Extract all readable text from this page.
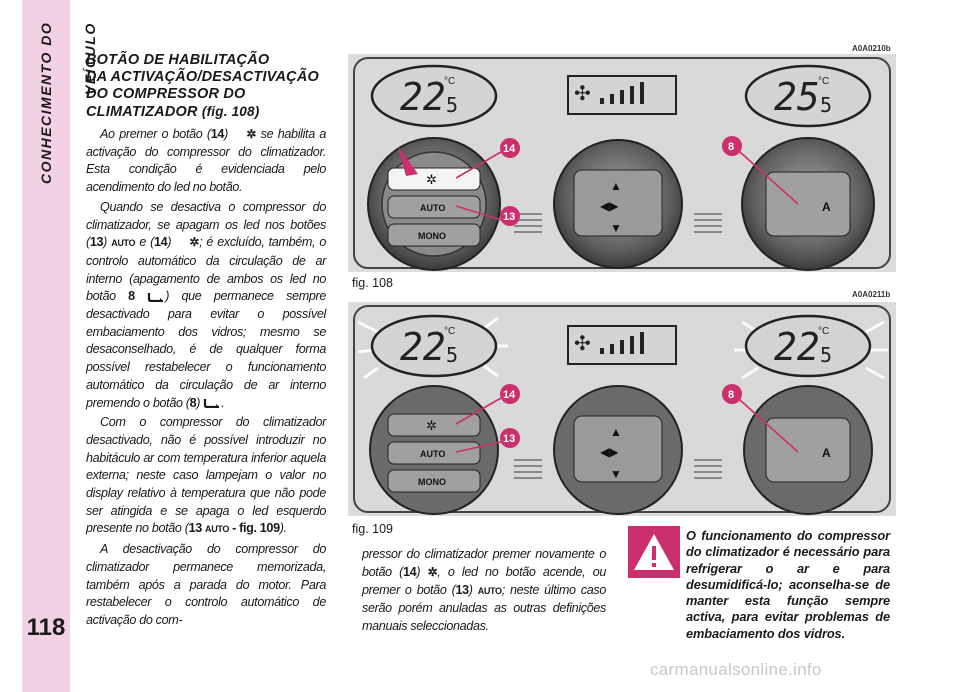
CONHECIMENTO DO VEÍCULO
118
BOTÃO DE HABILITAÇÃO
DA ACTIVAÇÃO/DESACTIVAÇÃO
DO COMPRESSOR DO
CLIMATIZADOR (fig. 108)

Ao premer o botão (14) ✲ se habilita a activação do compressor do climatizador. Esta condição é evidenciada pelo acendimento do led no botão.

Quando se desactiva o compressor do climatizador, se apagam os led nos botões (13) AUTO e (14) ✲; é excluído, também, o controlo automático da circulação de ar interno (apagamento de ambos os led no botão 8 ) que permanece sempre desactivado para evitar o possível embaciamento dos vidros; mesmo se desaconselhado, é de qualquer forma possível restabelecer o funcionamento automático da circulação de ar interno premendo o botão (8) .

Com o compressor do climatizador desactivado, não é possível introduzir no habitáculo ar com temperatura inferior aquela externa; neste caso lampejam o valor no display relativo à temperatura que não pode ser atingida e se apaga o led esquerdo presente no botão (13 AUTO - fig. 109).

A desactivação do compressor do climatizador permanece memorizada, também após a parada do motor. Para restabelecer o controlo automático de activação do com-

A0A0210b
22 5
°C	25 5
°C
✣
AUTO
MONO
✲	▲
◀▶
▼
A
14
13
8
fig. 108
A0A0211b
22 5
°C	22 5
°C
✣
AUTO
MONO
✲	▲
◀▶
▼
A
14
13
8
fig. 109
pressor do climatizador premer novamente o botão (14) ✲, o led no botão acende, ou premer o botão (13) AUTO; neste último caso serão porém anuladas as outras definições manuais seleccionadas.
O funcionamento do compressor do climatizador é necessário para refrigerar o ar e para desumidificá-lo; aconselha-se de manter esta função sempre activa, para evitar problemas de embaciamento dos vidros.
carmanualsonline.info
